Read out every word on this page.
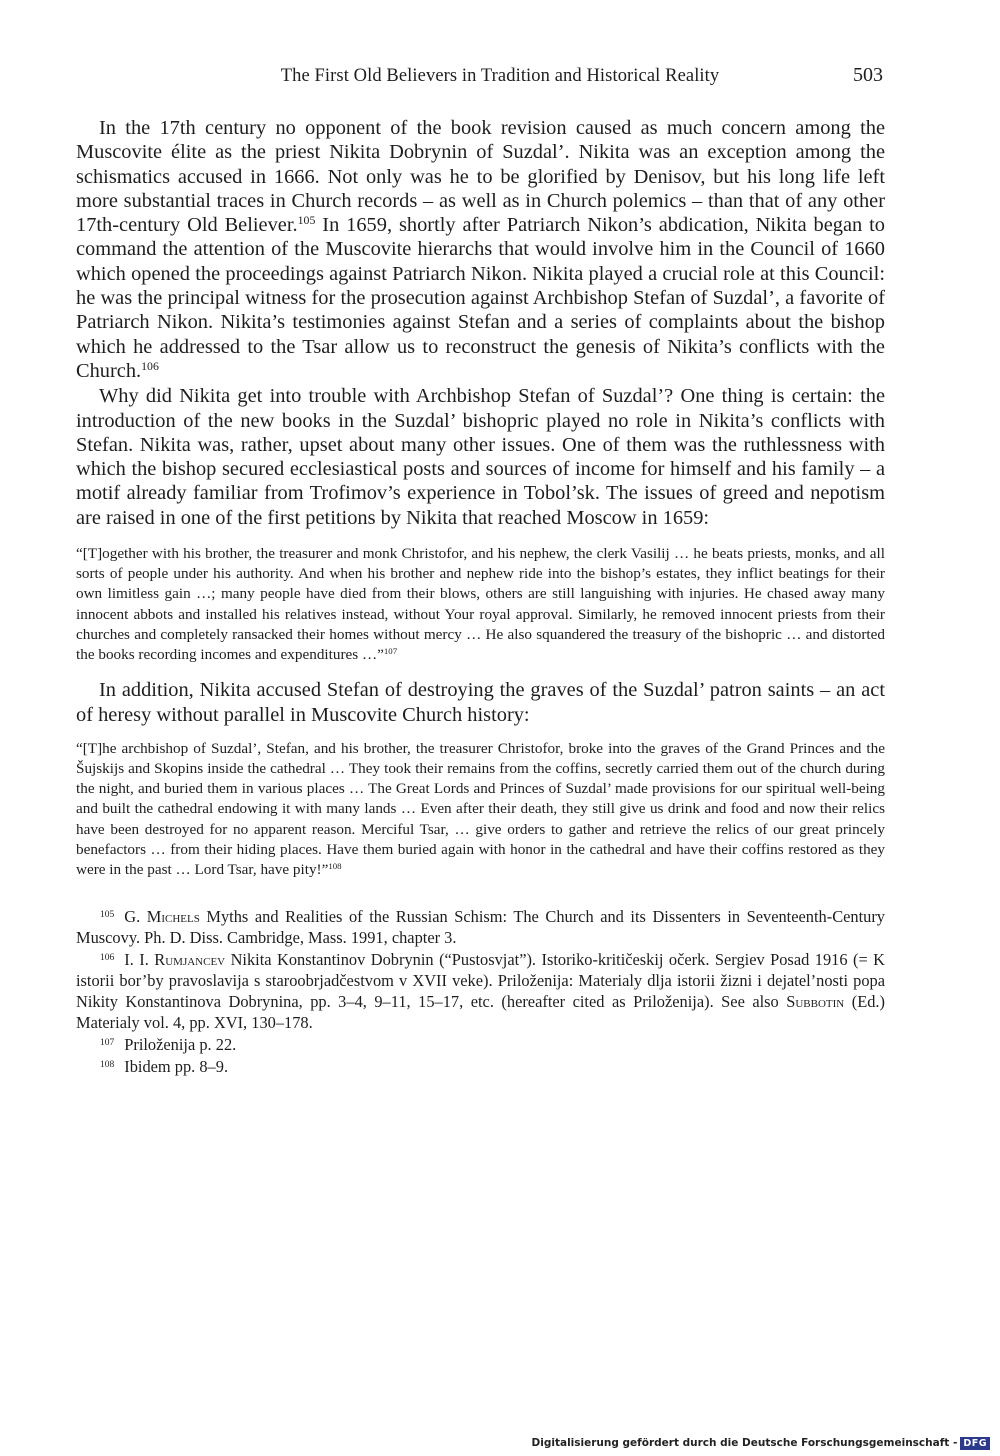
The First Old Believers in Tradition and Historical Reality	503

In the 17th century no opponent of the book revision caused as much concern among the Muscovite élite as the priest Nikita Dobrynin of Suzdal’. Nikita was an exception among the schismatics accused in 1666. Not only was he to be glorified by Denisov, but his long life left more substantial traces in Church records – as well as in Church polemics – than that of any other 17th-century Old Believer.$^{105}$ In 1659, shortly after Patriarch Nikon’s abdication, Nikita began to command the attention of the Muscovite hierarchs that would involve him in the Council of 1660 which opened the proceedings against Patriarch Nikon. Nikita played a crucial role at this Council: he was the principal witness for the prosecution against Archbishop Stefan of Suzdal’, a favorite of Patriarch Nikon. Nikita’s testimonies against Stefan and a series of complaints about the bishop which he addressed to the Tsar allow us to reconstruct the genesis of Nikita’s conflicts with the Church.$^{106}$

Why did Nikita get into trouble with Archbishop Stefan of Suzdal’? One thing is certain: the introduction of the new books in the Suzdal’ bishopric played no role in Nikita’s conflicts with Stefan. Nikita was, rather, upset about many other issues. One of them was the ruthlessness with which the bishop secured ecclesiastical posts and sources of income for himself and his family – a motif already familiar from Trofimov’s experience in Tobol’sk. The issues of greed and nepotism are raised in one of the first petitions by Nikita that reached Moscow in 1659:

“[T]ogether with his brother, the treasurer and monk Christofor, and his nephew, the clerk Vasilij … he beats priests, monks, and all sorts of people under his authority. And when his brother and nephew ride into the bishop’s estates, they inflict beatings for their own limitless gain …; many people have died from their blows, others are still languishing with injuries. He chased away many innocent abbots and installed his relatives instead, without Your royal approval. Similarly, he removed innocent priests from their churches and completely ransacked their homes without mercy … He also squandered the treasury of the bishopric … and distorted the books recording incomes and expenditures …”$^{107}$

In addition, Nikita accused Stefan of destroying the graves of the Suzdal’ patron saints – an act of heresy without parallel in Muscovite Church history:

“[T]he archbishop of Suzdal’, Stefan, and his brother, the treasurer Christofor, broke into the graves of the Grand Princes and the Šujskijs and Skopins inside the cathedral … They took their remains from the coffins, secretly carried them out of the church during the night, and buried them in various places … The Great Lords and Princes of Suzdal’ made provisions for our spiritual well-being and built the cathedral endowing it with many lands … Even after their death, they still give us drink and food and now their relics have been destroyed for no apparent reason. Merciful Tsar, … give orders to gather and retrieve the relics of our great princely benefactors … from their hiding places. Have them buried again with honor in the cathedral and have their coffins restored as they were in the past … Lord Tsar, have pity!”$^{108}$

$^{105}$ G. Michels Myths and Realities of the Russian Schism: The Church and its Dissenters in Seventeenth-Century Muscovy. Ph. D. Diss. Cambridge, Mass. 1991, chapter 3.

$^{106}$ I. I. Rumjancev Nikita Konstantinov Dobrynin (“Pustosvjat”). Istoriko-kritičeskij očerk. Sergiev Posad 1916 (= K istorii bor’by pravoslavija s staroobrjadčestvom v XVII veke). Priloženija: Materialy dlja istorii žizni i dejatel’nosti popa Nikity Konstantinova Dobrynina, pp. 3–4, 9–11, 15–17, etc. (hereafter cited as Priloženija). See also Subbotin (Ed.) Materialy vol. 4, pp. XVI, 130–178.

$^{107}$ Priloženija p. 22.

$^{108}$ Ibidem pp. 8–9.

Digitalisierung gefördert durch die Deutsche Forschungsgemeinschaft - DFG
